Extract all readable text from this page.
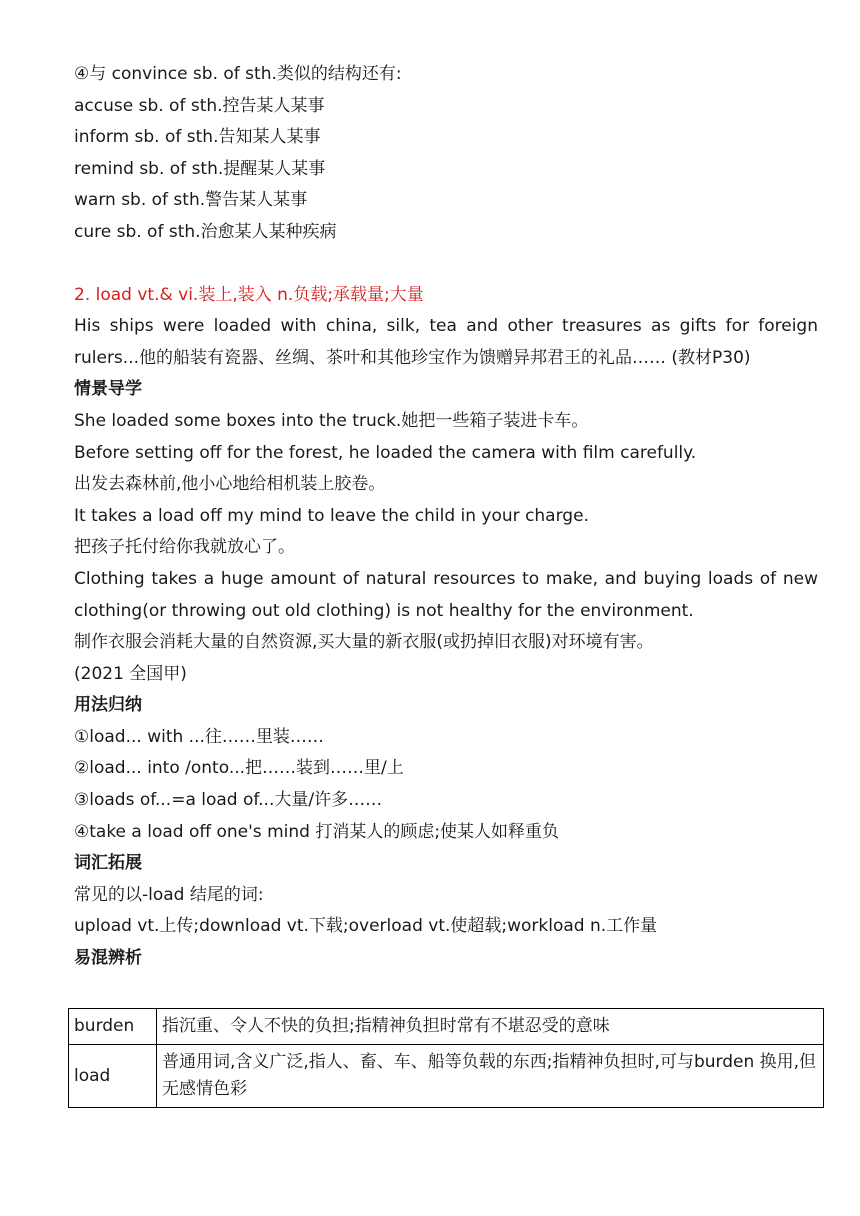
④与 convince sb. of sth.类似的结构还有:
accuse sb. of sth.控告某人某事
inform sb. of sth.告知某人某事
remind sb. of sth.提醒某人某事
warn sb. of sth.警告某人某事
cure sb. of sth.治愈某人某种疾病
2. load vt.& vi.装上,装入 n.负载;承载量;大量
His ships were loaded with china, silk, tea and other treasures as gifts for foreign rulers...他的船装有瓷器、丝绸、茶叶和其他珍宝作为馈赠异邦君王的礼品…… (教材P30)
情景导学
She loaded some boxes into the truck.她把一些箱子装进卡车。
Before setting off for the forest, he loaded the camera with film carefully.
出发去森林前,他小心地给相机装上胶卷。
It takes a load off my mind to leave the child in your charge.
把孩子托付给你我就放心了。
Clothing takes a huge amount of natural resources to make, and buying loads of new clothing(or throwing out old clothing) is not healthy for the environment.
制作衣服会消耗大量的自然资源,买大量的新衣服(或扔掉旧衣服)对环境有害。
(2021 全国甲)
用法归纳
①load... with ...往……里装……
②load... into /onto...把……装到……里/上
③loads of...=a load of...大量/许多……
④take a load off one's mind 打消某人的顾虑;使某人如释重负
词汇拓展
常见的以-load 结尾的词:
upload vt.上传;download vt.下载;overload vt.使超载;workload n.工作量
易混辨析
burden	指沉重、令人不快的负担;指精神负担时常有不堪忍受的意味
load	普通用词,含义广泛,指人、畜、车、船等负载的东西;指精神负担时,可与burden 换用,但无感情色彩
